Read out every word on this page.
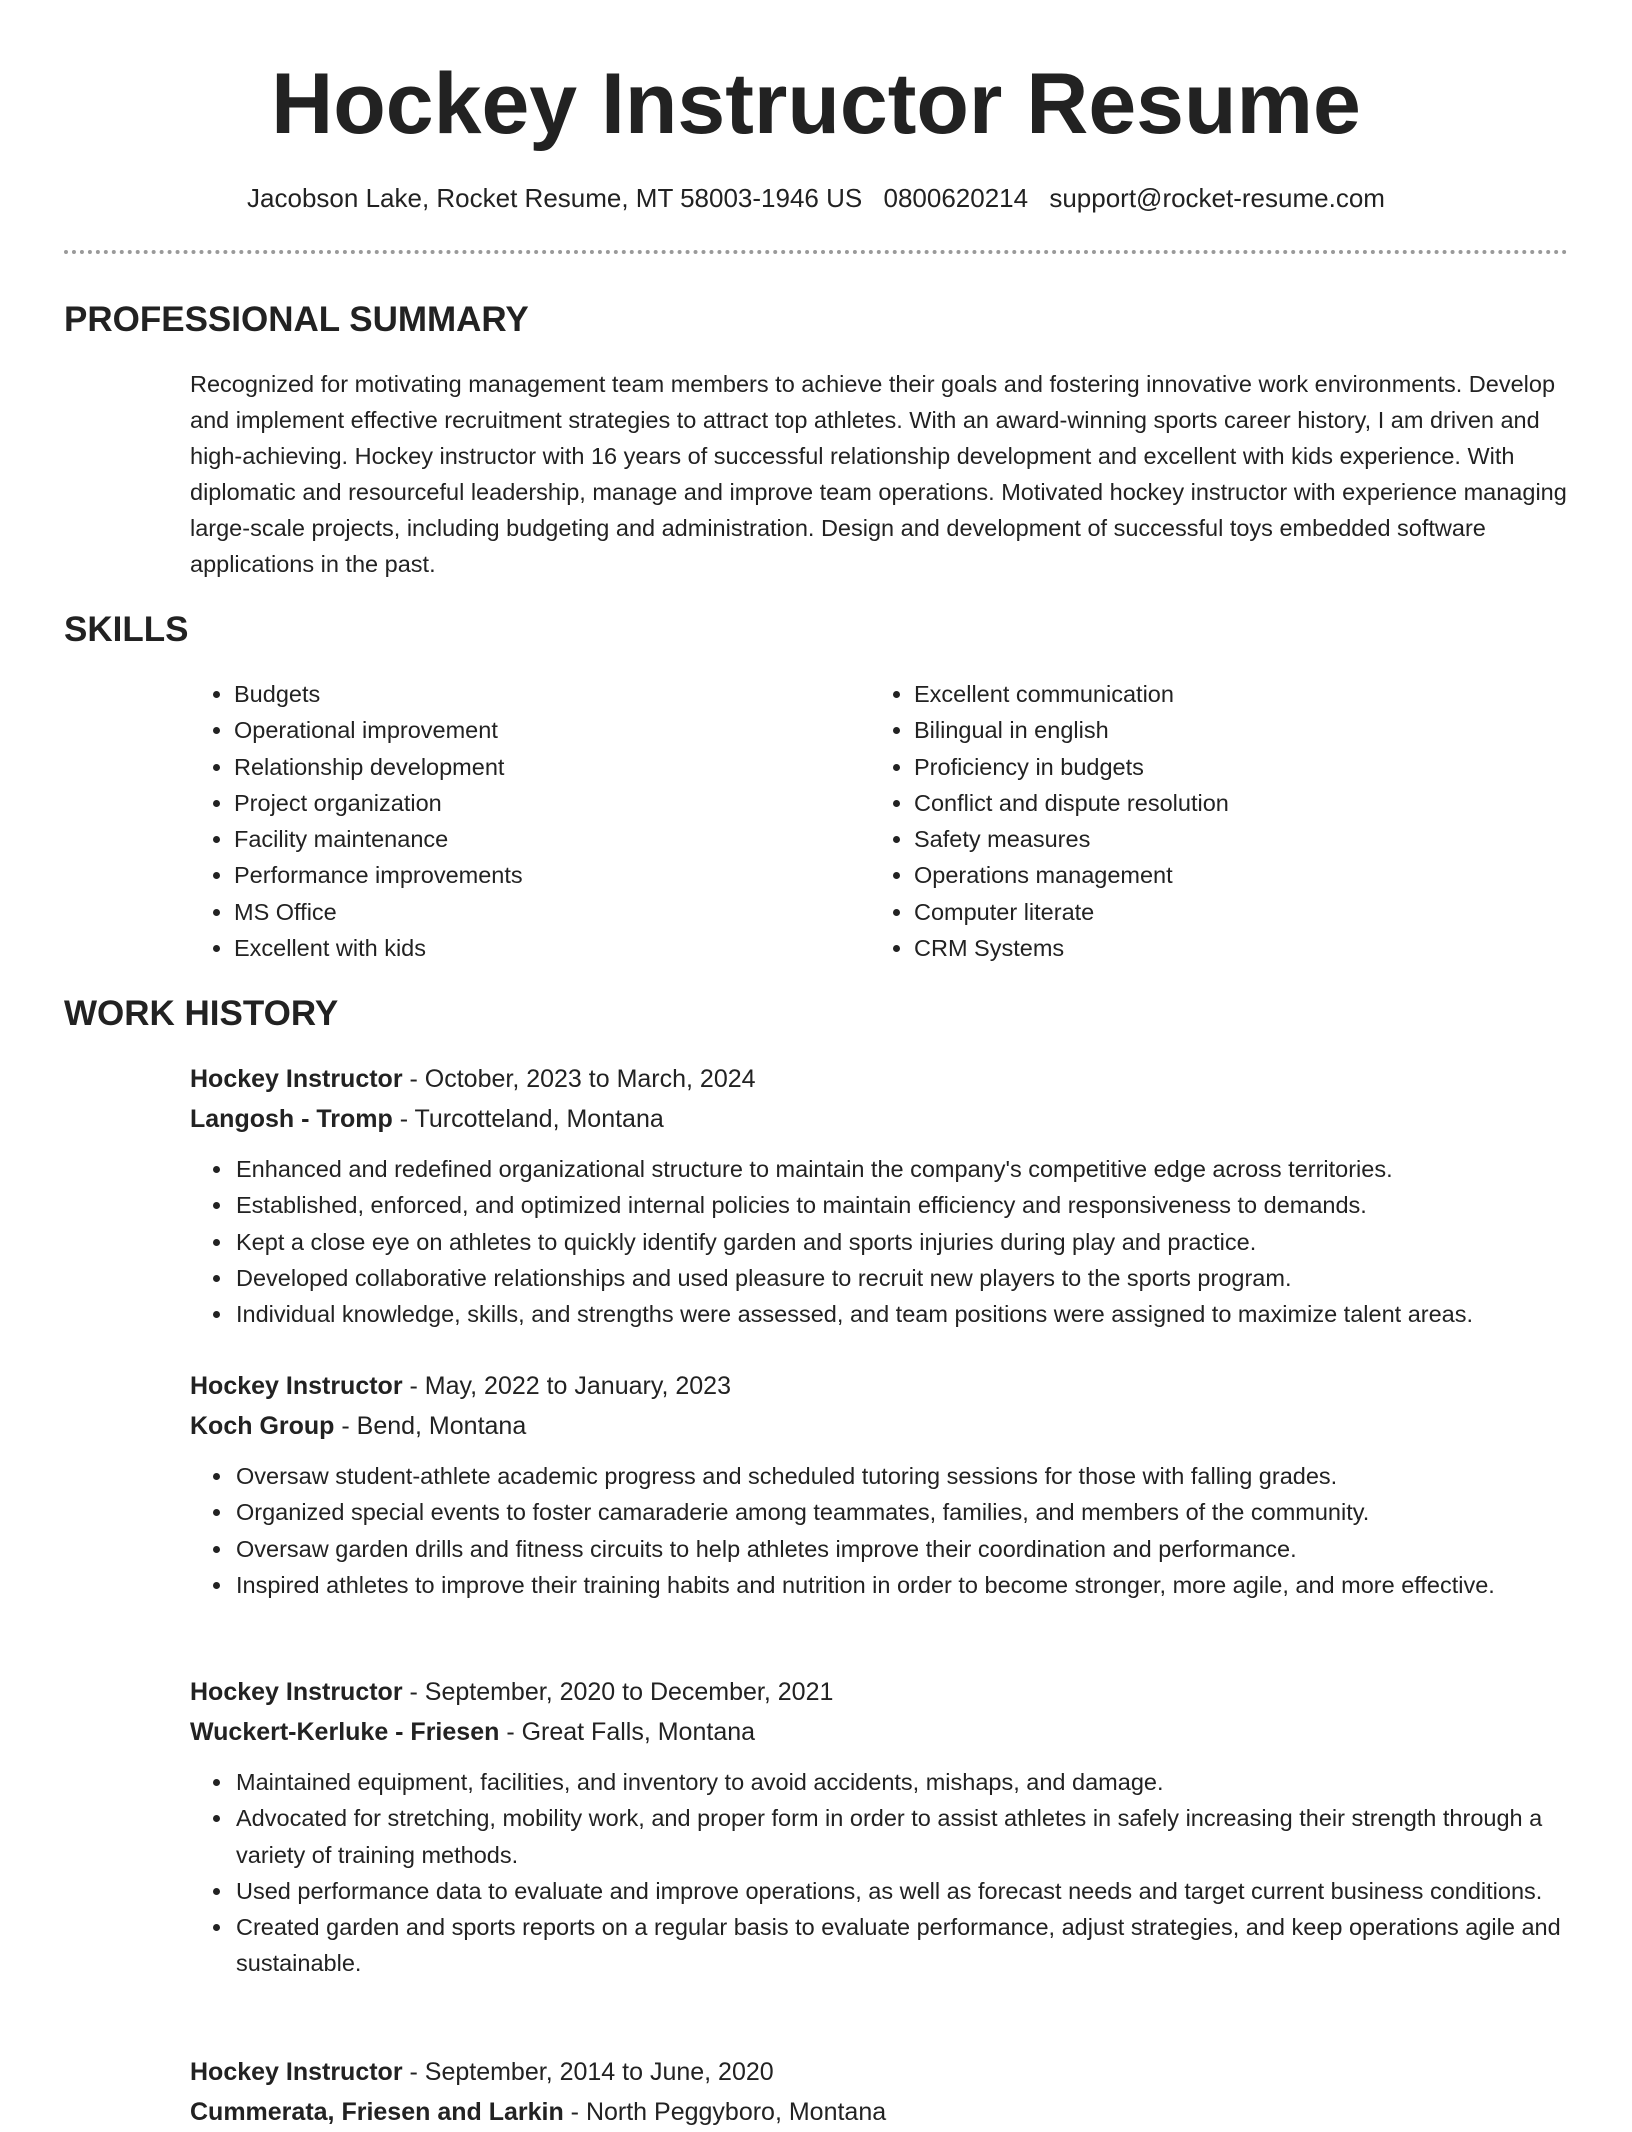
Hockey Instructor Resume
Jacobson Lake, Rocket Resume, MT 58003-1946 US 0800620214 support@rocket-resume.com
PROFESSIONAL SUMMARY

Recognized for motivating management team members to achieve their goals and fostering innovative work environments. Develop and implement effective recruitment strategies to attract top athletes. With an award-winning sports career history, I am driven and high-achieving. Hockey instructor with 16 years of successful relationship development and excellent with kids experience. With diplomatic and resourceful leadership, manage and improve team operations. Motivated hockey instructor with experience managing large-scale projects, including budgeting and administration. Design and development of successful toys embedded software applications in the past.

SKILLS
• Budgets
• Operational improvement
• Relationship development
• Project organization
• Facility maintenance
• Performance improvements
• MS Office
• Excellent with kids
• Excellent communication
• Bilingual in english
• Proficiency in budgets
• Conflict and dispute resolution
• Safety measures
• Operations management
• Computer literate
• CRM Systems
WORK HISTORY

Hockey Instructor - October, 2023 to March, 2024

Langosh - Tromp - Turcotteland, Montana

• Enhanced and redefined organizational structure to maintain the company's competitive edge across territories.
• Established, enforced, and optimized internal policies to maintain efficiency and responsiveness to demands.
• Kept a close eye on athletes to quickly identify garden and sports injuries during play and practice.
• Developed collaborative relationships and used pleasure to recruit new players to the sports program.
• Individual knowledge, skills, and strengths were assessed, and team positions were assigned to maximize talent areas.

Hockey Instructor - May, 2022 to January, 2023

Koch Group - Bend, Montana

• Oversaw student-athlete academic progress and scheduled tutoring sessions for those with falling grades.
• Organized special events to foster camaraderie among teammates, families, and members of the community.
• Oversaw garden drills and fitness circuits to help athletes improve their coordination and performance.
• Inspired athletes to improve their training habits and nutrition in order to become stronger, more agile, and more effective.

Hockey Instructor - September, 2020 to December, 2021

Wuckert-Kerluke - Friesen - Great Falls, Montana

• Maintained equipment, facilities, and inventory to avoid accidents, mishaps, and damage.
• Advocated for stretching, mobility work, and proper form in order to assist athletes in safely increasing their strength through a variety of training methods.
• Used performance data to evaluate and improve operations, as well as forecast needs and target current business conditions.
• Created garden and sports reports on a regular basis to evaluate performance, adjust strategies, and keep operations agile and sustainable.

Hockey Instructor - September, 2014 to June, 2020

Cummerata, Friesen and Larkin - North Peggyboro, Montana
